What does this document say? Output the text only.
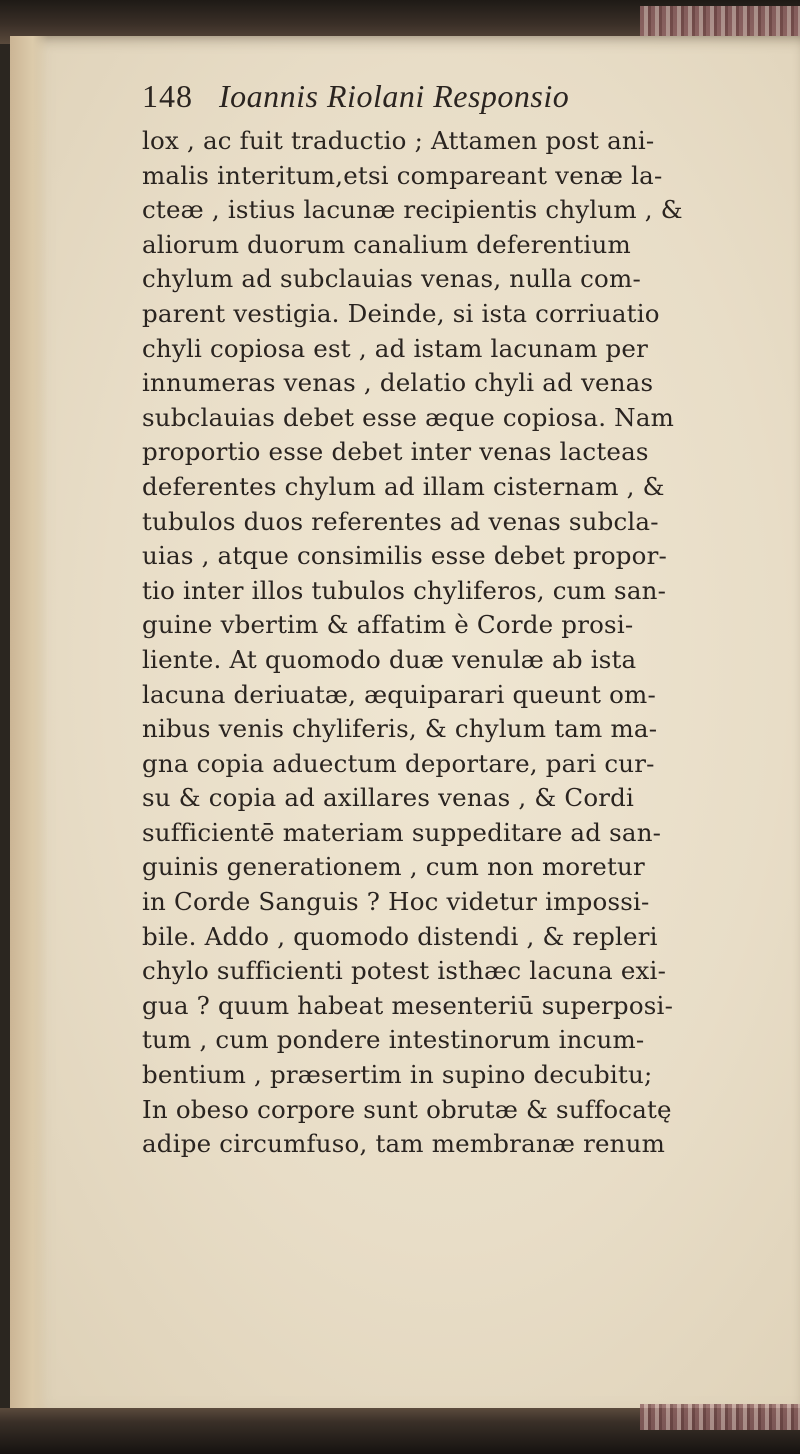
148 Ioannis Riolani Responsio
lox , ac fuit traductio ; Attamen post ani-
malis interitum,etsi compareant venæ la-
cteæ , istius lacunæ recipientis chylum , &
aliorum duorum canalium deferentium
chylum ad subclauias venas, nulla com-
parent vestigia. Deinde, si ista corriuatio
chyli copiosa est , ad istam lacunam per
innumeras venas , delatio chyli ad venas
subclauias debet esse æque copiosa. Nam
proportio esse debet inter venas lacteas
deferentes chylum ad illam cisternam , &
tubulos duos referentes ad venas subcla-
uias , atque consimilis esse debet propor-
tio inter illos tubulos chyliferos, cum san-
guine vbertim & affatim è Corde prosi-
liente. At quomodo duæ venulæ ab ista
lacuna deriuatæ, æquiparari queunt om-
nibus venis chyliferis, & chylum tam ma-
gna copia aduectum deportare, pari cur-
su & copia ad axillares venas , & Cordi
sufficientē materiam suppeditare ad san-
guinis generationem , cum non moretur
in Corde Sanguis ? Hoc videtur impossi-
bile. Addo , quomodo distendi , & repleri
chylo sufficienti potest isthæc lacuna exi-
gua ? quum habeat mesenteriū superposi-
tum , cum pondere intestinorum incum-
bentium , præsertim in supino decubitu;
In obeso corpore sunt obrutæ & suffocatę
adipe circumfuso, tam membranæ renum
